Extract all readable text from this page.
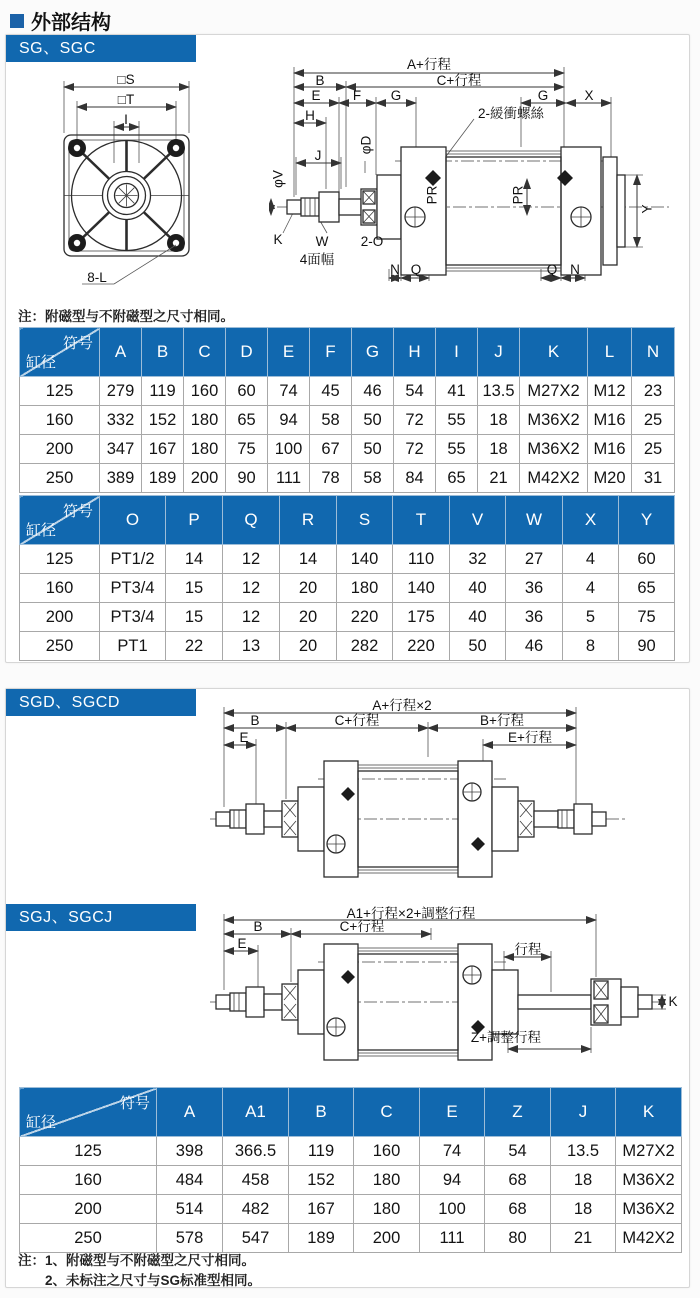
外部结构
SG、SGC
□S
□T
I
8-L
A+行程
B	C+行程
E F G	G	X
H
J
φD
φV
2-緩衝螺絲
PR	PR
Y
K W
4面幅
2-O
N Q	Q N
注：附磁型与不附磁型之尺寸相同。
符号
缸径	A	B	C	D	E	F	G	H	I	J	K	L	N
125	279	119	160	60	74	45	46	54	41	13.5	M27X2	M12	23
160	332	152	180	65	94	58	50	72	55	18	M36X2	M16	25
200	347	167	180	75	100	67	50	72	55	18	M36X2	M16	25
250	389	189	200	90	111	78	58	84	65	21	M42X2	M20	31
符号
缸径	O	P	Q	R	S	T	V	W	X	Y
125	PT1/2	14	12	14	140	110	32	27	4	60
160	PT3/4	15	12	20	180	140	40	36	4	65
200	PT3/4	15	12	20	220	175	40	36	5	75
250	PT1	22	13	20	282	220	50	46	8	90
SGD、SGCD	A+行程×2
B	C+行程	B+行程
E	E+行程
SGJ、SGCJ	A1+行程×2+調整行程
B	C+行程
E	行程
K
Z+調整行程
符号
缸径	A	A1	B	C	E	Z	J	K
125	398	366.5	119	160	74	54	13.5	M27X2
160	484	458	152	180	94	68	18	M36X2
200	514	482	167	180	100	68	18	M36X2
250	578	547	189	200	111	80	21	M42X2
注：1、附磁型与不附磁型之尺寸相同。
2、未标注之尺寸与SG标准型相同。
